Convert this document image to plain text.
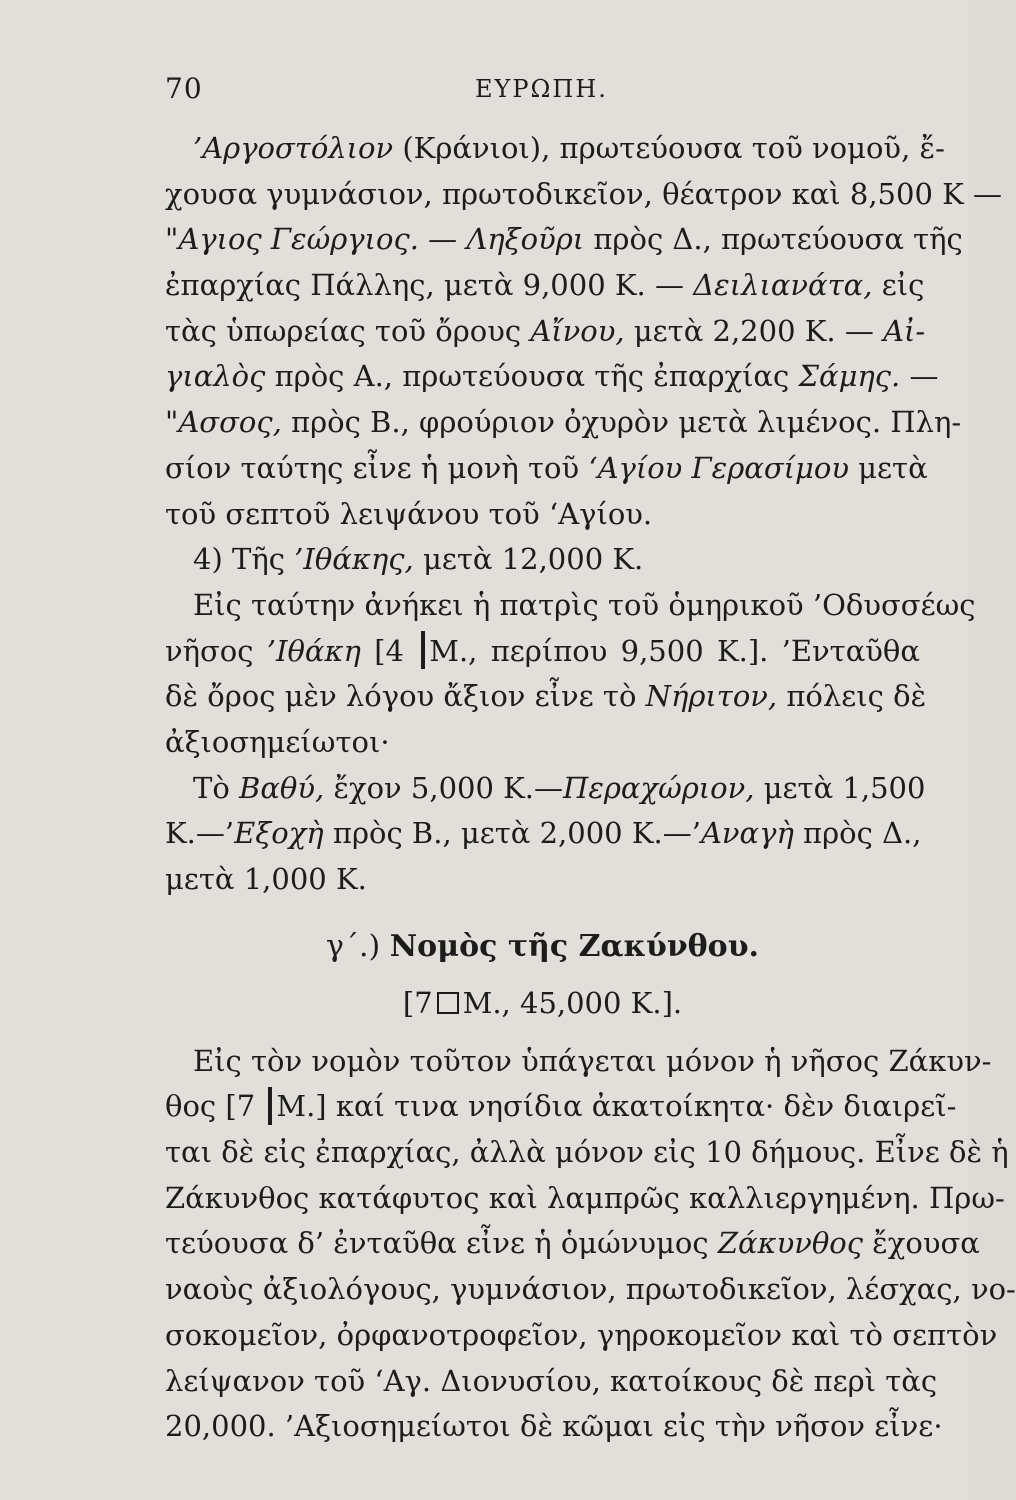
70	ΕΥΡΩΠΗ.
’Αργοστόλιον (Κράνιοι), πρωτεύουσα τοῦ νομοῦ, ἔ-
χουσα γυμνάσιον, πρωτοδικεῖον, θέατρον καὶ 8,500 Κ —
"Αγιος Γεώργιος. — Ληξοῦρι πρὸς Δ., πρωτεύουσα τῆς
ἐπαρχίας Πάλλης, μετὰ 9,000 Κ. — Δειλιανάτα, εἰς
τὰς ὑπωρείας τοῦ ὄρους Αἴνου, μετὰ 2,200 Κ. — Αἰ-
γιαλὸς πρὸς Α., πρωτεύουσα τῆς ἐπαρχίας Σάμης. —
"Ασσος, πρὸς Β., φρούριον ὀχυρὸν μετὰ λιμένος. Πλη-
σίον ταύτης εἶνε ἡ μονὴ τοῦ ‘Αγίου Γερασίμου μετὰ
τοῦ σεπτοῦ λειψάνου τοῦ ‘Αγίου.
4) Τῆς ’Ιθάκης, μετὰ 12,000 Κ.
Εἰς ταύτην ἀνήκει ἡ πατρὶς τοῦ ὁμηρικοῦ ’Οδυσσέως
νῆσος ’Ιθάκη [4 Μ., περίπου 9,500 Κ.]. ’Ενταῦθα
δὲ ὄρος μὲν λόγου ἄξιον εἶνε τὸ Νήριτον, πόλεις δὲ
ἀξιοσημείωτοι·
Τὸ Βαθύ, ἔχον 5,000 Κ.—Περαχώριον, μετὰ 1,500
Κ.—’Εξοχὴ πρὸς Β., μετὰ 2,000 Κ.—’Αναγὴ πρὸς Δ.,
μετὰ 1,000 Κ.
γ΄.) Νομὸς τῆς Ζακύνθου.
[7 Μ., 45,000 Κ.].
Εἰς τὸν νομὸν τοῦτον ὑπάγεται μόνον ἡ νῆσος Ζάκυν-
θος [7 Μ.] καί τινα νησίδια ἀκατοίκητα· δὲν διαιρεῖ-
ται δὲ εἰς ἐπαρχίας, ἀλλὰ μόνον εἰς 10 δήμους. Εἶνε δὲ ἡ
Ζάκυνθος κατάφυτος καὶ λαμπρῶς καλλιεργημένη. Πρω-
τεύουσα δ’ ἐνταῦθα εἶνε ἡ ὁμώνυμος Ζάκυνθος ἔχουσα
ναοὺς ἀξιολόγους, γυμνάσιον, πρωτοδικεῖον, λέσχας, νο-
σοκομεῖον, ὀρφανοτροφεῖον, γηροκομεῖον καὶ τὸ σεπτὸν
λείψανον τοῦ ‘Αγ. Διονυσίου, κατοίκους δὲ περὶ τὰς
20,000. ’Αξιοσημείωτοι δὲ κῶμαι εἰς τὴν νῆσον εἶνε·
